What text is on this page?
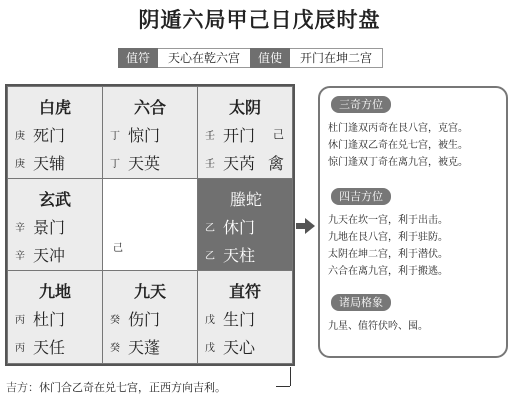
阴遁六局甲己日戊辰时盘
值符	天心在乾六宫	值使	开门在坤二宫
白虎
庚 死门
庚 天辅
六合
丁 惊门
丁 天英
太阴
壬 开门 己
壬 天芮 禽
玄武
辛 景门
辛 天冲	己
螣蛇
乙 休门
乙 天柱
九地
丙 杜门
丙 天任
九天
癸 伤门
癸 天蓬
直符
戊 生门
戊 天心
三奇方位
杜门逢双丙奇在艮八宫，克宫。
休门逢双乙奇在兑七宫，被生。
惊门逢双丁奇在离九宫，被克。
四吉方位
九天在坎一宫，利于出击。
九地在艮八宫，利于驻防。
太阴在坤二宫，利于潜伏。
六合在离九宫，利于搬逃。
诸局格象
九星、值符伏吟、囤。
吉方：休门合乙奇在兑七宫，正西方向吉利。
